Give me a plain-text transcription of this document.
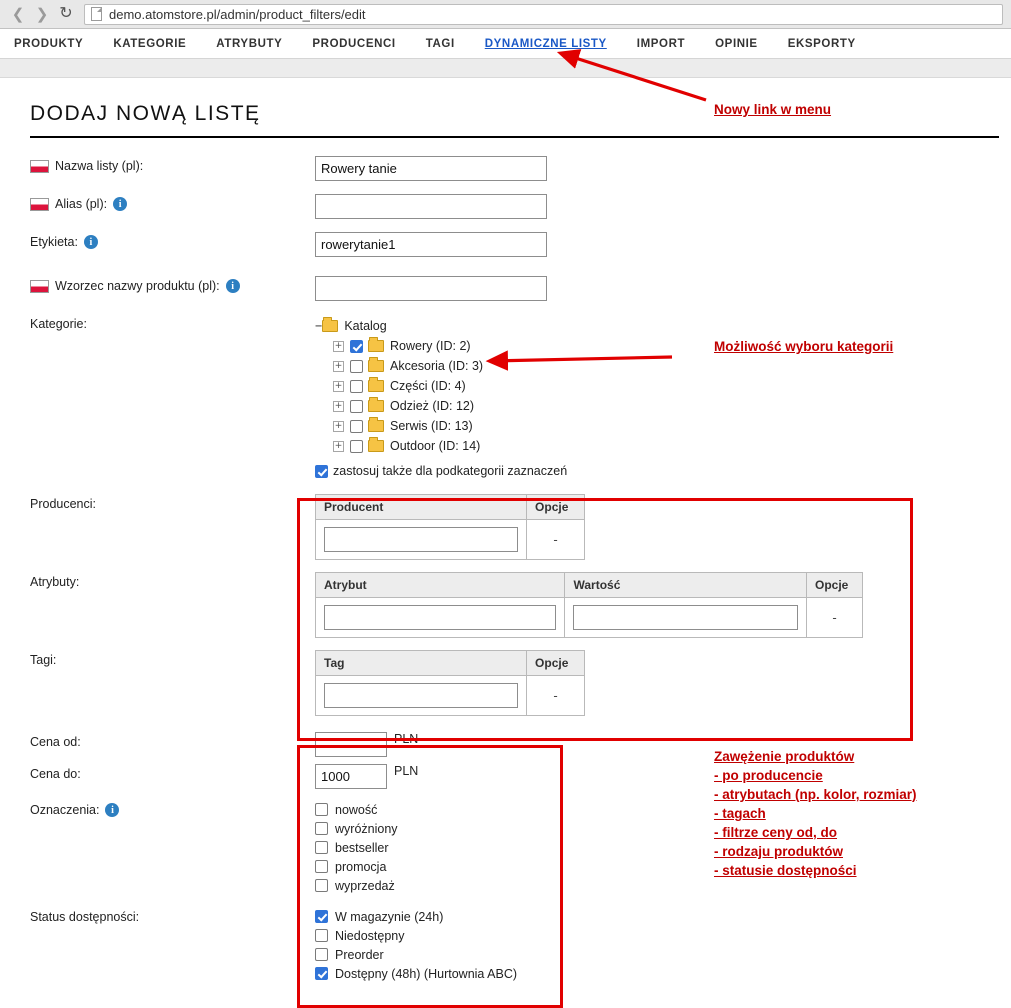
❮ ❯ ↻	demo.atomstore.pl/admin/product_filters/edit
PRODUKTY	KATEGORIE	ATRYBUTY	PRODUCENCI	TAGI	DYNAMICZNE LISTY	IMPORT	OPINIE	EKSPORTY
DODAJ NOWĄ LISTĘ
Nazwa listy (pl):
Rowery tanie
Alias (pl):	i
Etykieta:	i
rowerytanie1
Wzorzec nazwy produktu (pl):	i
Kategorie:	− Katalog
+	Rowery (ID: 2)
+	Akcesoria (ID: 3)
+	Części (ID: 4)
+	Odzież (ID: 12)
+	Serwis (ID: 13)
+	Outdoor (ID: 14)
zastosuj także dla podkategorii zaznaczeń
Producenci:	Producent	Opcje
	-
Atrybuty:	Atrybut	Wartość	Opcje
		-
Tagi:	Tag	Opcje
	-
Cena od:	PLN
Cena do:
1000	PLN
Oznaczenia:	i	nowość
wyróżniony
bestseller
promocja
wyprzedaż
Status dostępności:	W magazynie (24h)
Niedostępny
Preorder
Dostępny (48h) (Hurtownia ABC)
Nowy link w menu
Możliwość wyboru kategorii
Zawężenie produktów
- po producencie
- atrybutach (np. kolor, rozmiar)
- tagach
- filtrze ceny od, do
- rodzaju produktów
- statusie dostępności
